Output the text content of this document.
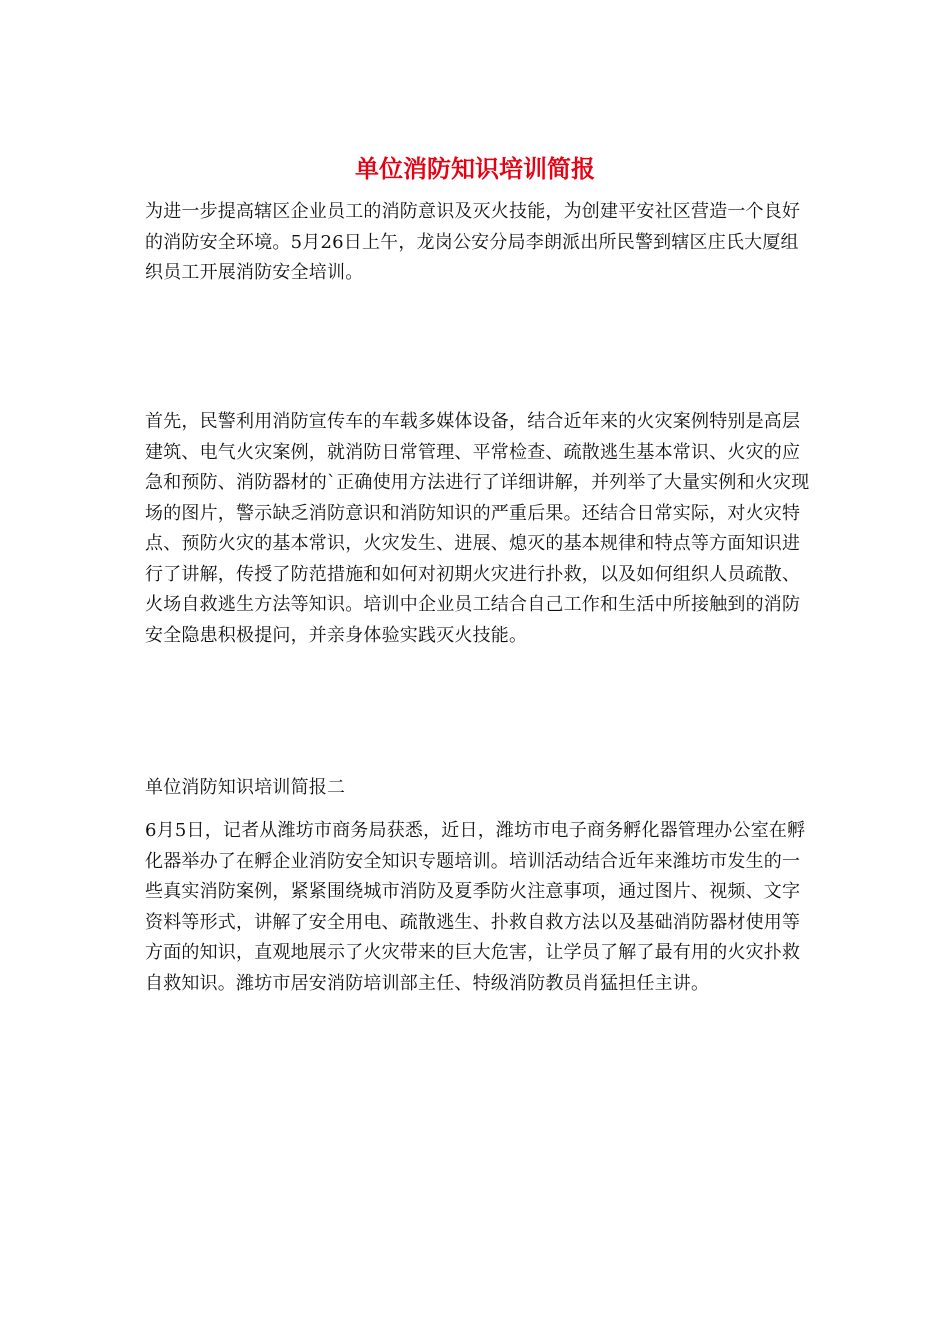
单位消防知识培训简报

为进一步提高辖区企业员工的消防意识及灭火技能，为创建平安社区营造一个良好的消防安全环境。5月26日上午，龙岗公安分局李朗派出所民警到辖区庄氏大厦组织员工开展消防安全培训。

首先，民警利用消防宣传车的车载多媒体设备，结合近年来的火灾案例特别是高层建筑、电气火灾案例，就消防日常管理、平常检查、疏散逃生基本常识、火灾的应急和预防、消防器材的`正确使用方法进行了详细讲解，并列举了大量实例和火灾现场的图片，警示缺乏消防意识和消防知识的严重后果。还结合日常实际，对火灾特点、预防火灾的基本常识，火灾发生、进展、熄灭的基本规律和特点等方面知识进行了讲解，传授了防范措施和如何对初期火灾进行扑救，以及如何组织人员疏散、火场自救逃生方法等知识。培训中企业员工结合自己工作和生活中所接触到的消防安全隐患积极提问，并亲身体验实践灭火技能。

单位消防知识培训简报二

6月5日，记者从潍坊市商务局获悉，近日，潍坊市电子商务孵化器管理办公室在孵化器举办了在孵企业消防安全知识专题培训。培训活动结合近年来潍坊市发生的一些真实消防案例，紧紧围绕城市消防及夏季防火注意事项，通过图片、视频、文字资料等形式，讲解了安全用电、疏散逃生、扑救自救方法以及基础消防器材使用等方面的知识，直观地展示了火灾带来的巨大危害，让学员了解了最有用的火灾扑救自救知识。潍坊市居安消防培训部主任、特级消防教员肖猛担任主讲。
